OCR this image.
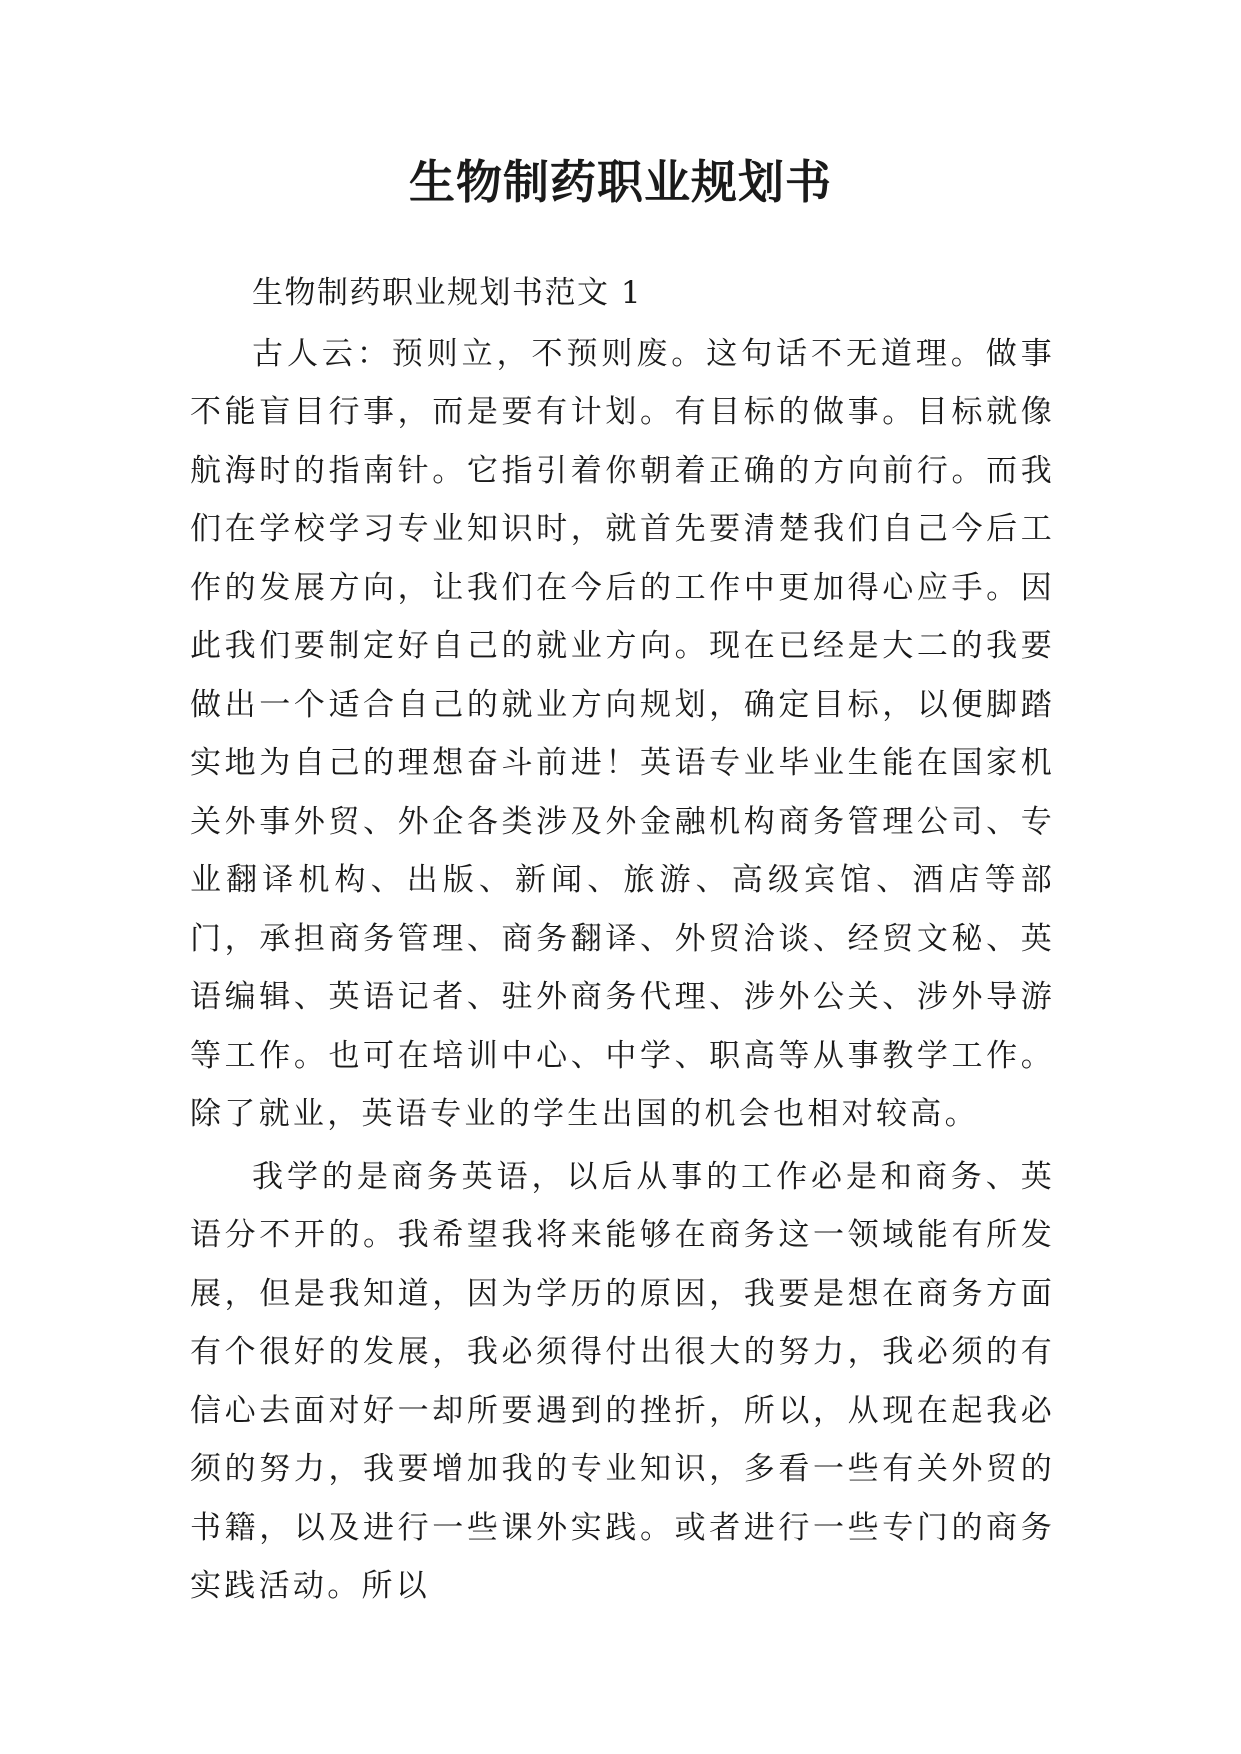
生物制药职业规划书

生物制药职业规划书范文 1

古人云：预则立，不预则废。这句话不无道理。做事不能盲目行事，而是要有计划。有目标的做事。目标就像航海时的指南针。它指引着你朝着正确的方向前行。而我们在学校学习专业知识时，就首先要清楚我们自己今后工作的发展方向，让我们在今后的工作中更加得心应手。因此我们要制定好自己的就业方向。现在已经是大二的我要做出一个适合自己的就业方向规划，确定目标，以便脚踏实地为自己的理想奋斗前进！英语专业毕业生能在国家机关外事外贸、外企各类涉及外金融机构商务管理公司、专业翻译机构、出版、新闻、旅游、高级宾馆、酒店等部门，承担商务管理、商务翻译、外贸洽谈、经贸文秘、英语编辑、英语记者、驻外商务代理、涉外公关、涉外导游等工作。也可在培训中心、中学、职高等从事教学工作。除了就业，英语专业的学生出国的机会也相对较高。

我学的是商务英语，以后从事的工作必是和商务、英语分不开的。我希望我将来能够在商务这一领域能有所发展，但是我知道，因为学历的原因，我要是想在商务方面有个很好的发展，我必须得付出很大的努力，我必须的有信心去面对好一却所要遇到的挫折，所以，从现在起我必须的努力，我要增加我的专业知识，多看一些有关外贸的书籍，以及进行一些课外实践。或者进行一些专门的商务实践活动。所以
